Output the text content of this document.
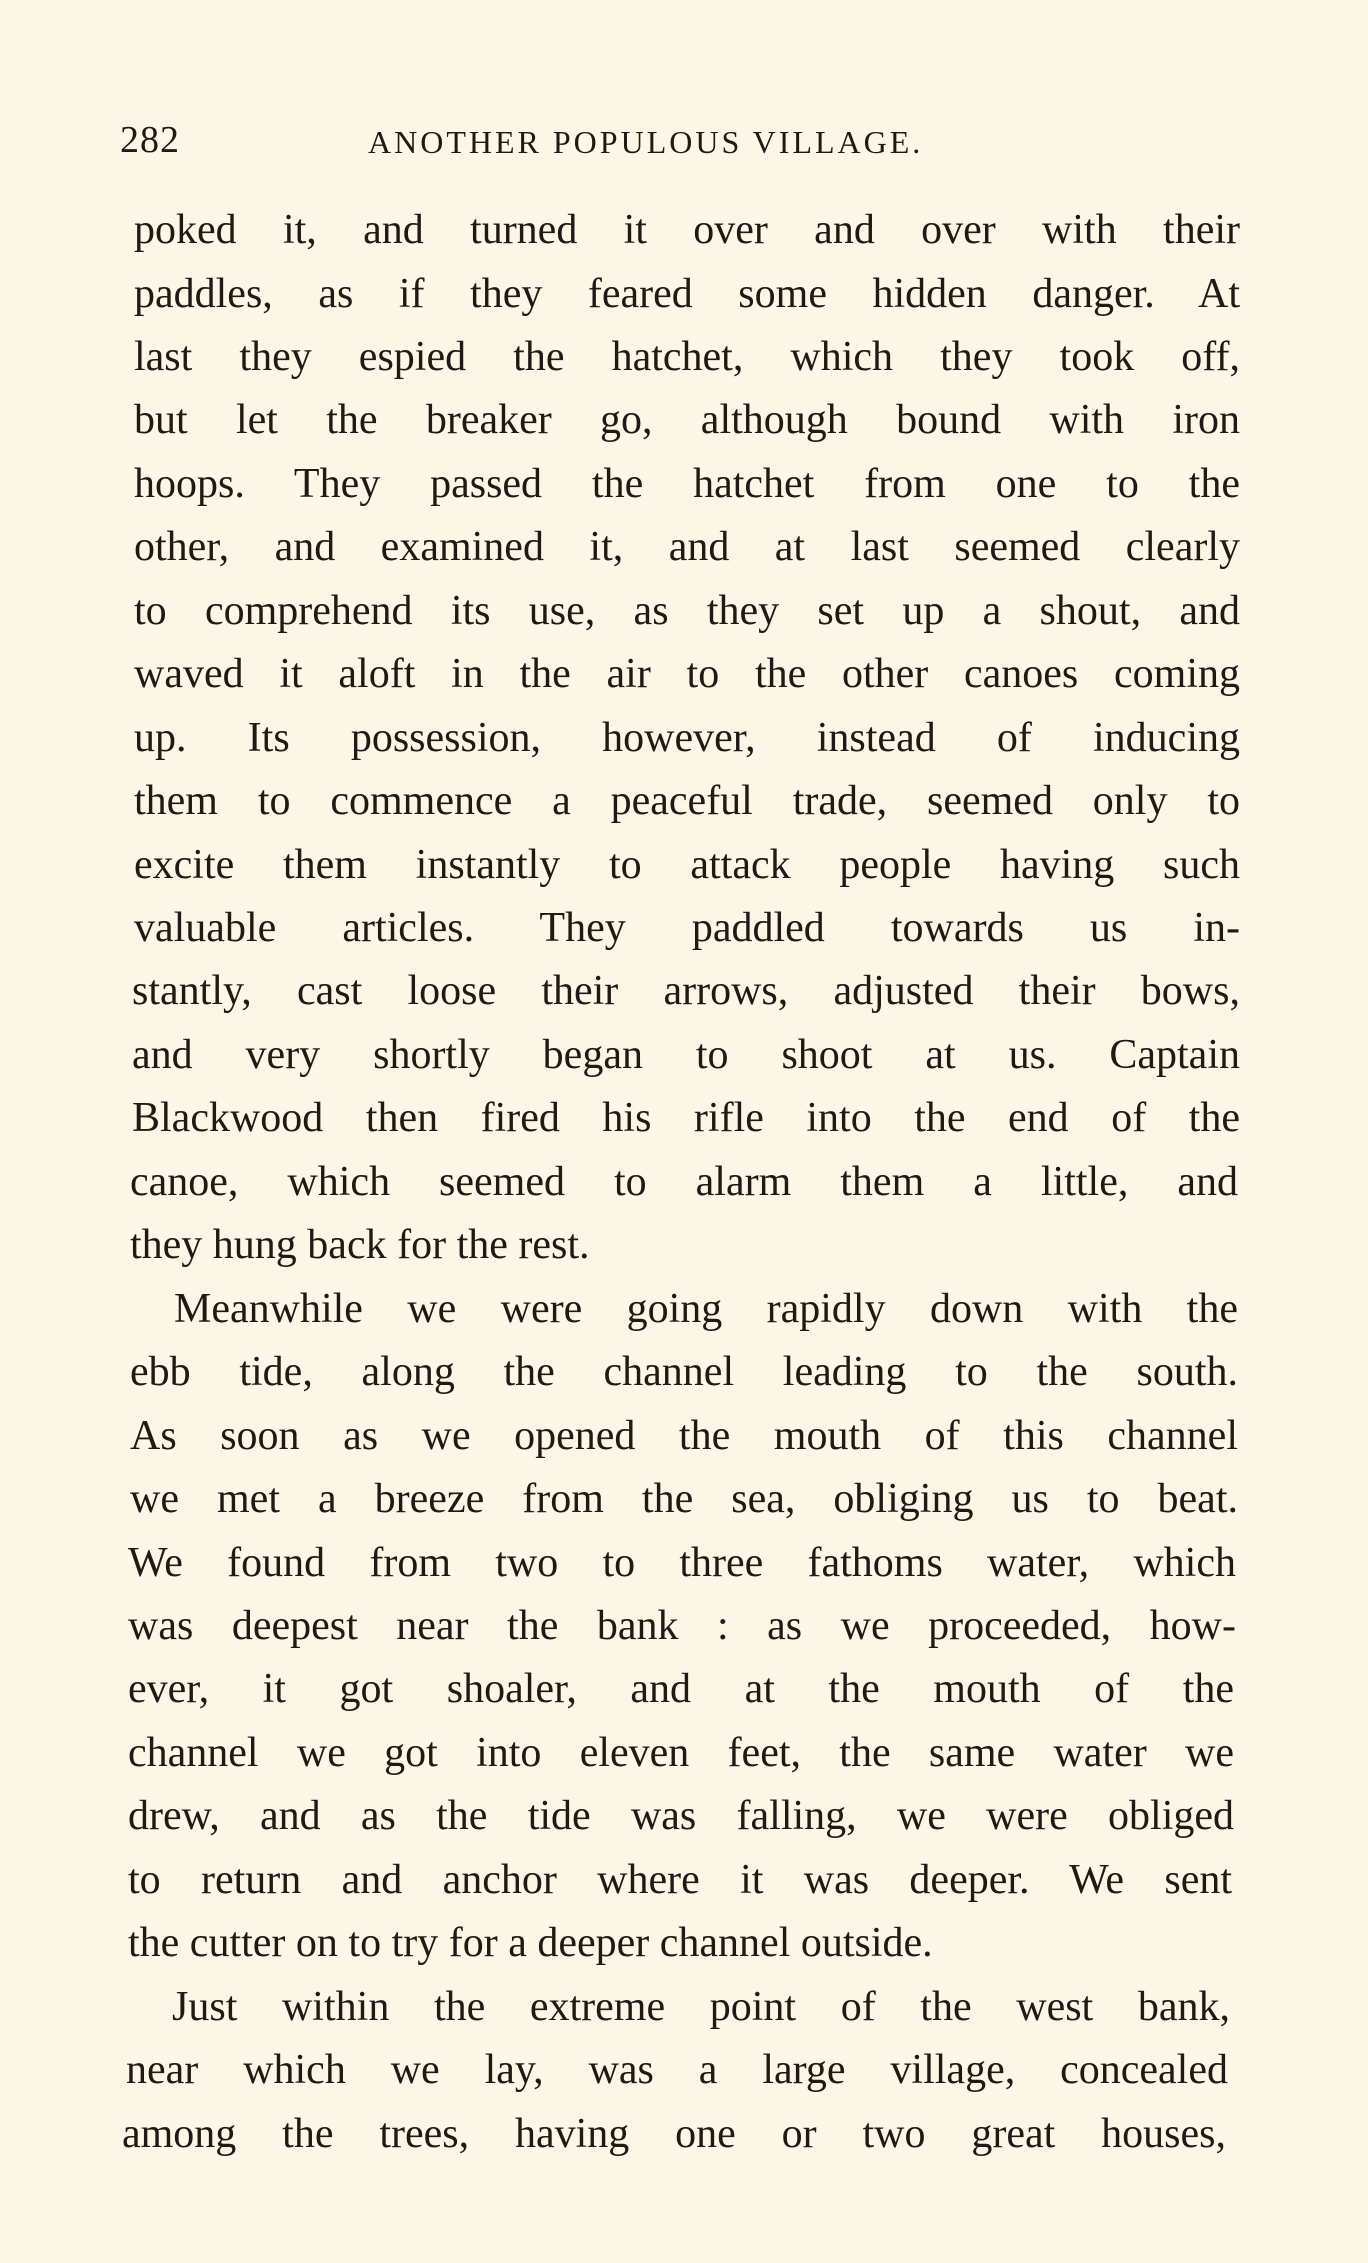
282	ANOTHER POPULOUS VILLAGE.
poked it, and turned it over and over with their
paddles, as if they feared some hidden danger. At
last they espied the hatchet, which they took off,
but let the breaker go, although bound with iron
hoops. They passed the hatchet from one to the
other, and examined it, and at last seemed clearly
to comprehend its use, as they set up a shout, and
waved it aloft in the air to the other canoes coming
up. Its possession, however, instead of inducing
them to commence a peaceful trade, seemed only to
excite them instantly to attack people having such
valuable articles. They paddled towards us in-
stantly, cast loose their arrows, adjusted their bows,
and very shortly began to shoot at us. Captain
Blackwood then fired his rifle into the end of the
canoe, which seemed to alarm them a little, and
they hung back for the rest.
Meanwhile we were going rapidly down with the
ebb tide, along the channel leading to the south.
As soon as we opened the mouth of this channel
we met a breeze from the sea, obliging us to beat.
We found from two to three fathoms water, which
was deepest near the bank : as we proceeded, how-
ever, it got shoaler, and at the mouth of the
channel we got into eleven feet, the same water we
drew, and as the tide was falling, we were obliged
to return and anchor where it was deeper. We sent
the cutter on to try for a deeper channel outside.
Just within the extreme point of the west bank,
near which we lay, was a large village, concealed
among the trees, having one or two great houses,
